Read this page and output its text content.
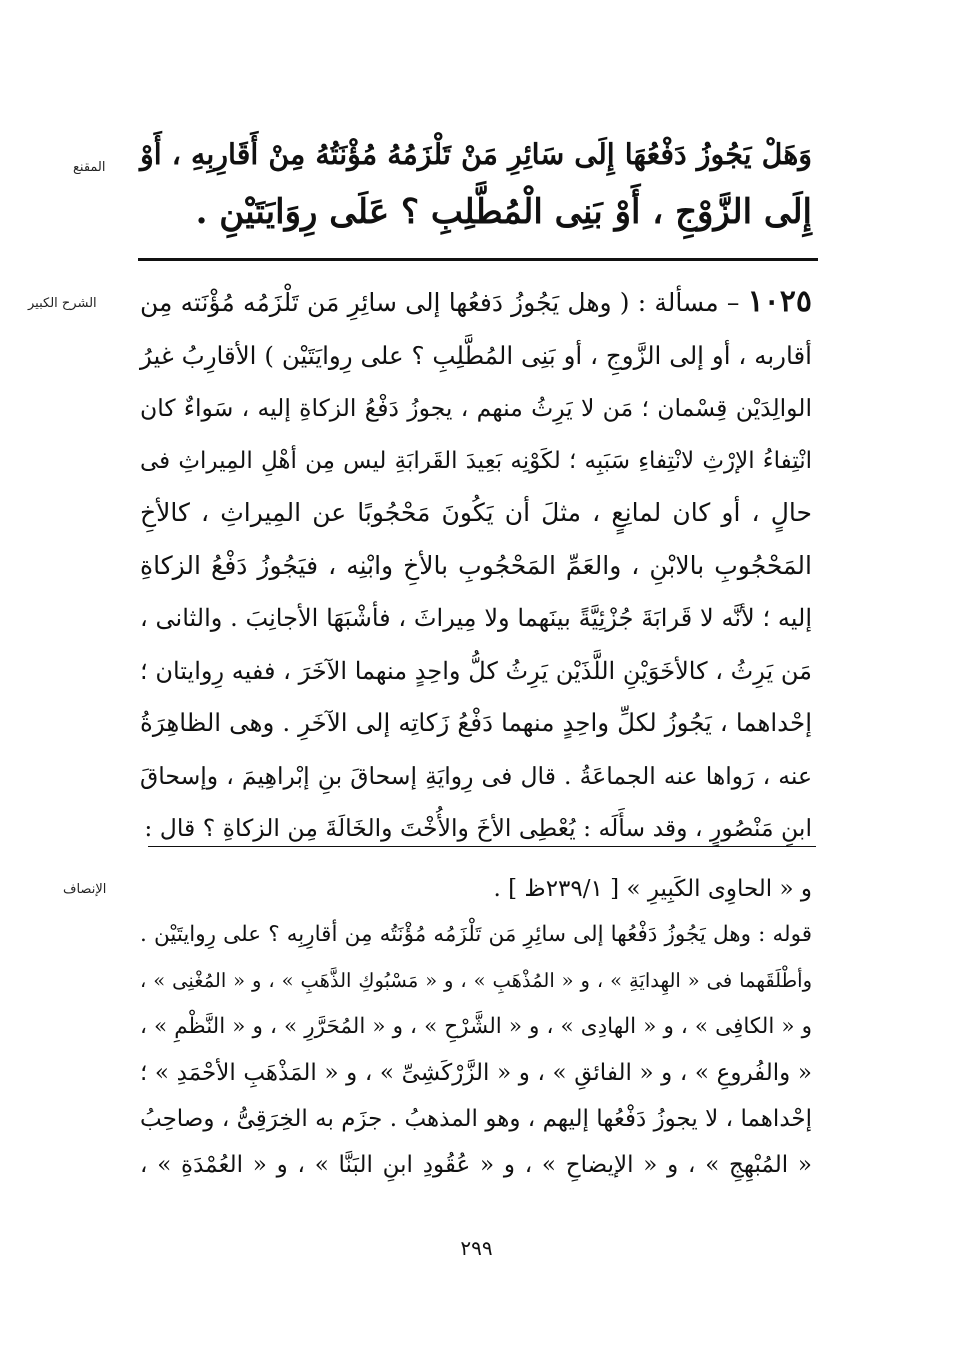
المقنع
الشرح الكبير
الإنصاف
وَهَلْ يَجُوزُ دَفْعُهَا إِلَى سَائِرِ مَنْ تَلْزَمُهُ مُؤْنَتُهُ مِنْ أَقَارِبِهِ ، أَوْ
إِلَى الزَّوْجِ ، أَوْ بَنِى الْمُطَّلِبِ ؟ عَلَى رِوَايَتَيْنِ .
١٠٢٥ – مسألة : ( وهل يَجُوزُ دَفعُها إلى سائِرِ مَن تَلْزَمُه مُؤْنَته مِن
أقاربه ، أو إلى الزَّوجِ ، أو بَنِى المُطَّلِبِ ؟ على رِوايَتَيْن ) الأقارِبُ غيرُ
الوالِدَيْن قِسْمان ؛ مَن لا يَرِثُ منهم ، يجوزُ دَفْعُ الزكاةِ إليه ، سَواءٌ كان
انْتِفاءُ الإرْثِ لانْتِفاءِ سَبَبِه ؛ لكَوْنِه بَعِيدَ القَرابَةِ ليس مِن أهْلِ المِيراثِ فى
حالٍ ، أو كان لمانِعٍ ، مثلَ أن يَكُونَ مَحْجُوبًا عن المِيراثِ ، كالأخِ
المَحْجُوبِ بالابْنِ ، والعَمِّ المَحْجُوبِ بالأخِ وابْنِه ، فيَجُوزُ دَفْعُ الزكاةِ
إليه ؛ لأنَّه لا قَرابَةَ جُزْئِيَّةً بينَهما ولا مِيراثَ ، فأشْبَهَا الأجانِبَ . والثانى ،
مَن يَرِثُ ، كالأخَوَيْنِ اللَّذَيْن يَرِثُ كلُّ واحِدٍ منهما الآخَرَ ، ففيه رِوايتان ؛
إحْداهما ، يَجُوزُ لكلِّ واحِدٍ منهما دَفْعُ زَكاتِه إلى الآخَرِ . وهى الظاهِرَةُ
عنه ، رَواها عنه الجماعَةُ . قال فى رِوايَةِ إسحاقَ بنِ إبْراهِيمَ ، وإسحاقَ
ابنِ مَنْصُورٍ ، وقد سأَلَه : يُعْطِى الأخَ والأُخْتَ والخَالَةَ مِن الزكاةِ ؟ قال :
و « الحاوِى الكَبِيرِ » [ ٢٣٩/١ظ ] .
قوله : وهل يَجُوزُ دَفْعُها إلى سائِرِ مَن تَلْزَمُه مُؤْنَتُه مِن أقارِبِه ؟ على رِوايتَيْن .
وأطْلَقَهما فى « الهِدايَةِ » ، و « المُذْهَبِ » ، و « مَسْبُوكِ الذَّهَبِ » ، و « المُغْنِى » ،
و « الكافِى » ، و « الهادِى » ، و « الشَّرْحِ » ، و « المُحَرَّرِ » ، و « النَّظْمِ » ،
« والفُروعِ » ، و « الفائقِ » ، و « الزَّرْكَشِىِّ » ، و « المَذْهَبِ الأحْمَدِ » ؛
إحْداهما ، لا يجوزُ دَفْعُها إليهم ، وهو المذهبُ . جزَم به الخِرَقِىُّ ، وصاحِبُ
« المُبْهِجِ » ، و « الإيضاحِ » ، و « عُقُودِ ابنِ البَنَّا » ، و « العُمْدَةِ » ،
٢٩٩
